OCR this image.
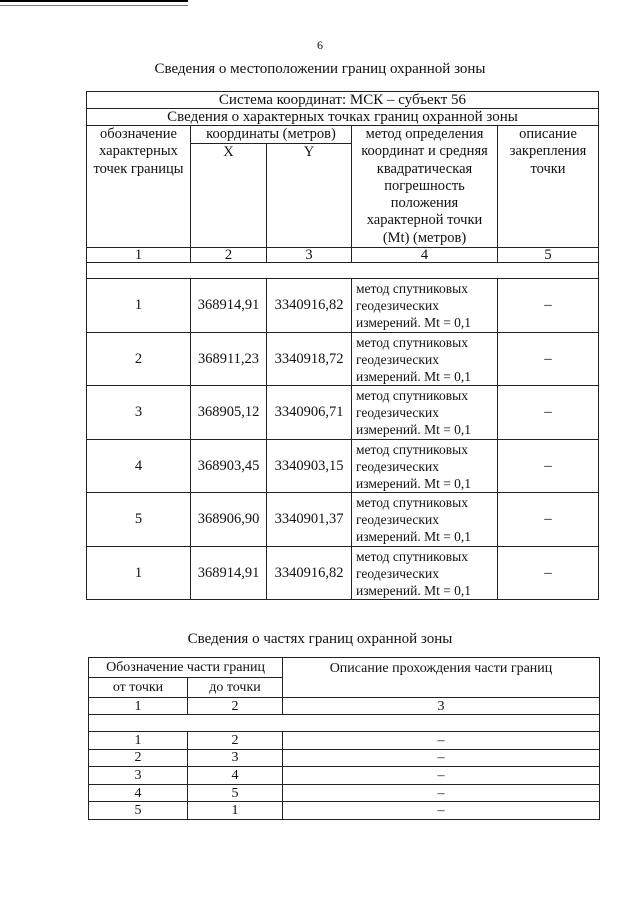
6
Сведения о местоположении границ охранной зоны
Система координат: МСК – субъект 56				
Сведения о характерных точках границ охранной зоны				
обозначение характерных точек границы	координаты (метров)		метод определения координат и средняя квадратическая погрешность положения характерной точки (Mt) (метров)	описание закрепления точки
	X	Y		
1	2	3	4	5

1	368914,91	3340916,82	метод спутниковых геодезических измерений. Mt = 0,1	–
2	368911,23	3340918,72	метод спутниковых геодезических измерений. Mt = 0,1	–
3	368905,12	3340906,71	метод спутниковых геодезических измерений. Mt = 0,1	–
4	368903,45	3340903,15	метод спутниковых геодезических измерений. Mt = 0,1	–
5	368906,90	3340901,37	метод спутниковых геодезических измерений. Mt = 0,1	–
1	368914,91	3340916,82	метод спутниковых геодезических измерений. Mt = 0,1	–
Сведения о частях границ охранной зоны
Обозначение части границ		Описание прохождения части границ
от точки	до точки	
1	2	3

1	2	–
2	3	–
3	4	–
4	5	–
5	1	–
